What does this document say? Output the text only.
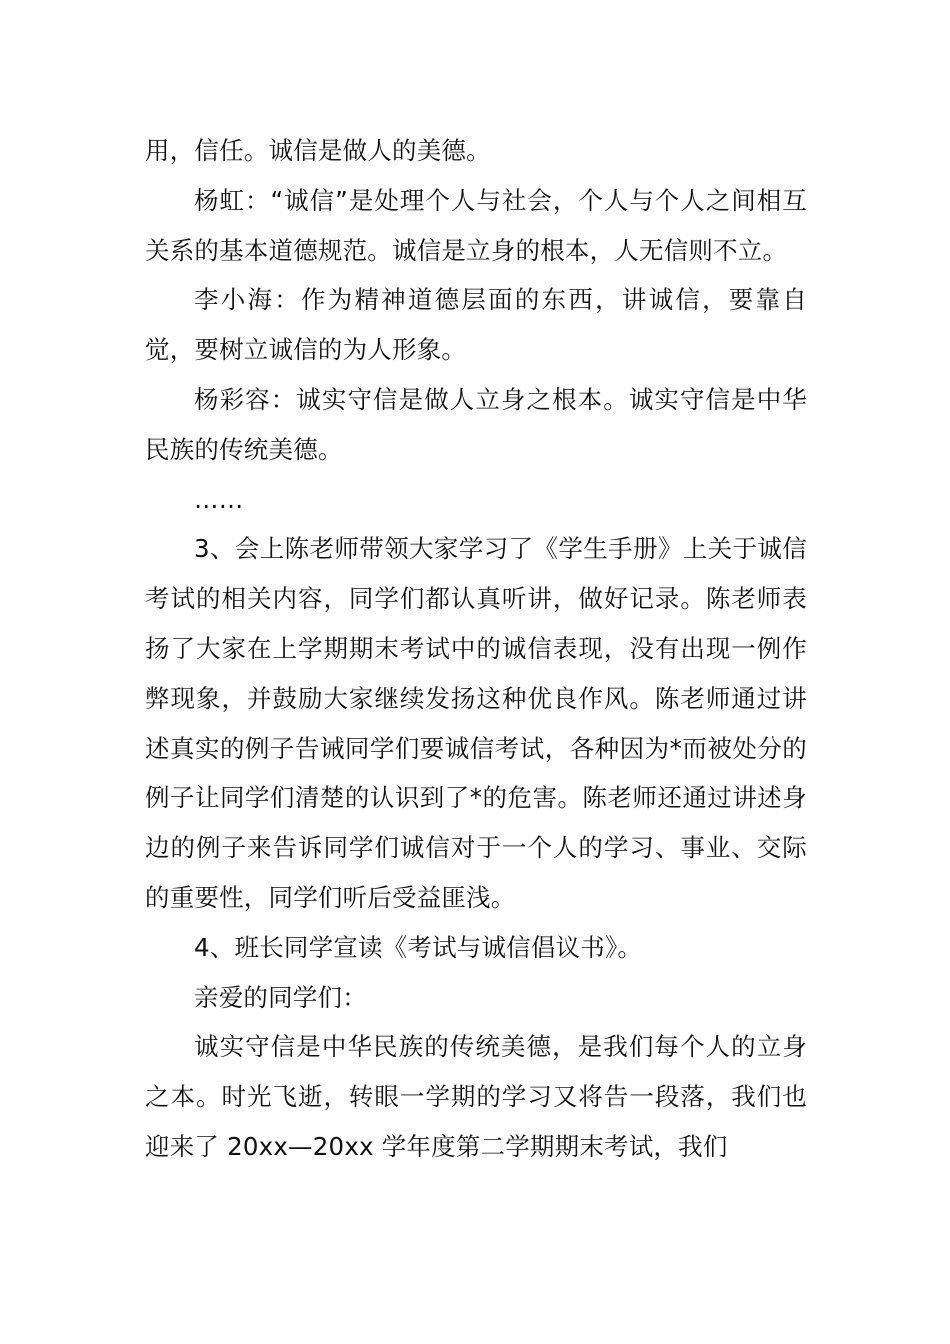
用，信任。诚信是做人的美德。

杨虹：“诚信”是处理个人与社会，个人与个人之间相互关系的基本道德规范。诚信是立身的根本，人无信则不立。

李小海：作为精神道德层面的东西，讲诚信，要靠自觉，要树立诚信的为人形象。

杨彩容：诚实守信是做人立身之根本。诚实守信是中华民族的传统美德。

……

3、会上陈老师带领大家学习了《学生手册》上关于诚信考试的相关内容，同学们都认真听讲，做好记录。陈老师表扬了大家在上学期期末考试中的诚信表现，没有出现一例作弊现象，并鼓励大家继续发扬这种优良作风。陈老师通过讲述真实的例子告诫同学们要诚信考试，各种因为*而被处分的例子让同学们清楚的认识到了*的危害。陈老师还通过讲述身边的例子来告诉同学们诚信对于一个人的学习、事业、交际的重要性，同学们听后受益匪浅。

4、班长同学宣读《考试与诚信倡议书》。

亲爱的同学们：

诚实守信是中华民族的传统美德，是我们每个人的立身之本。时光飞逝，转眼一学期的学习又将告一段落，我们也迎来了 20xx—20xx 学年度第二学期期末考试，我们
